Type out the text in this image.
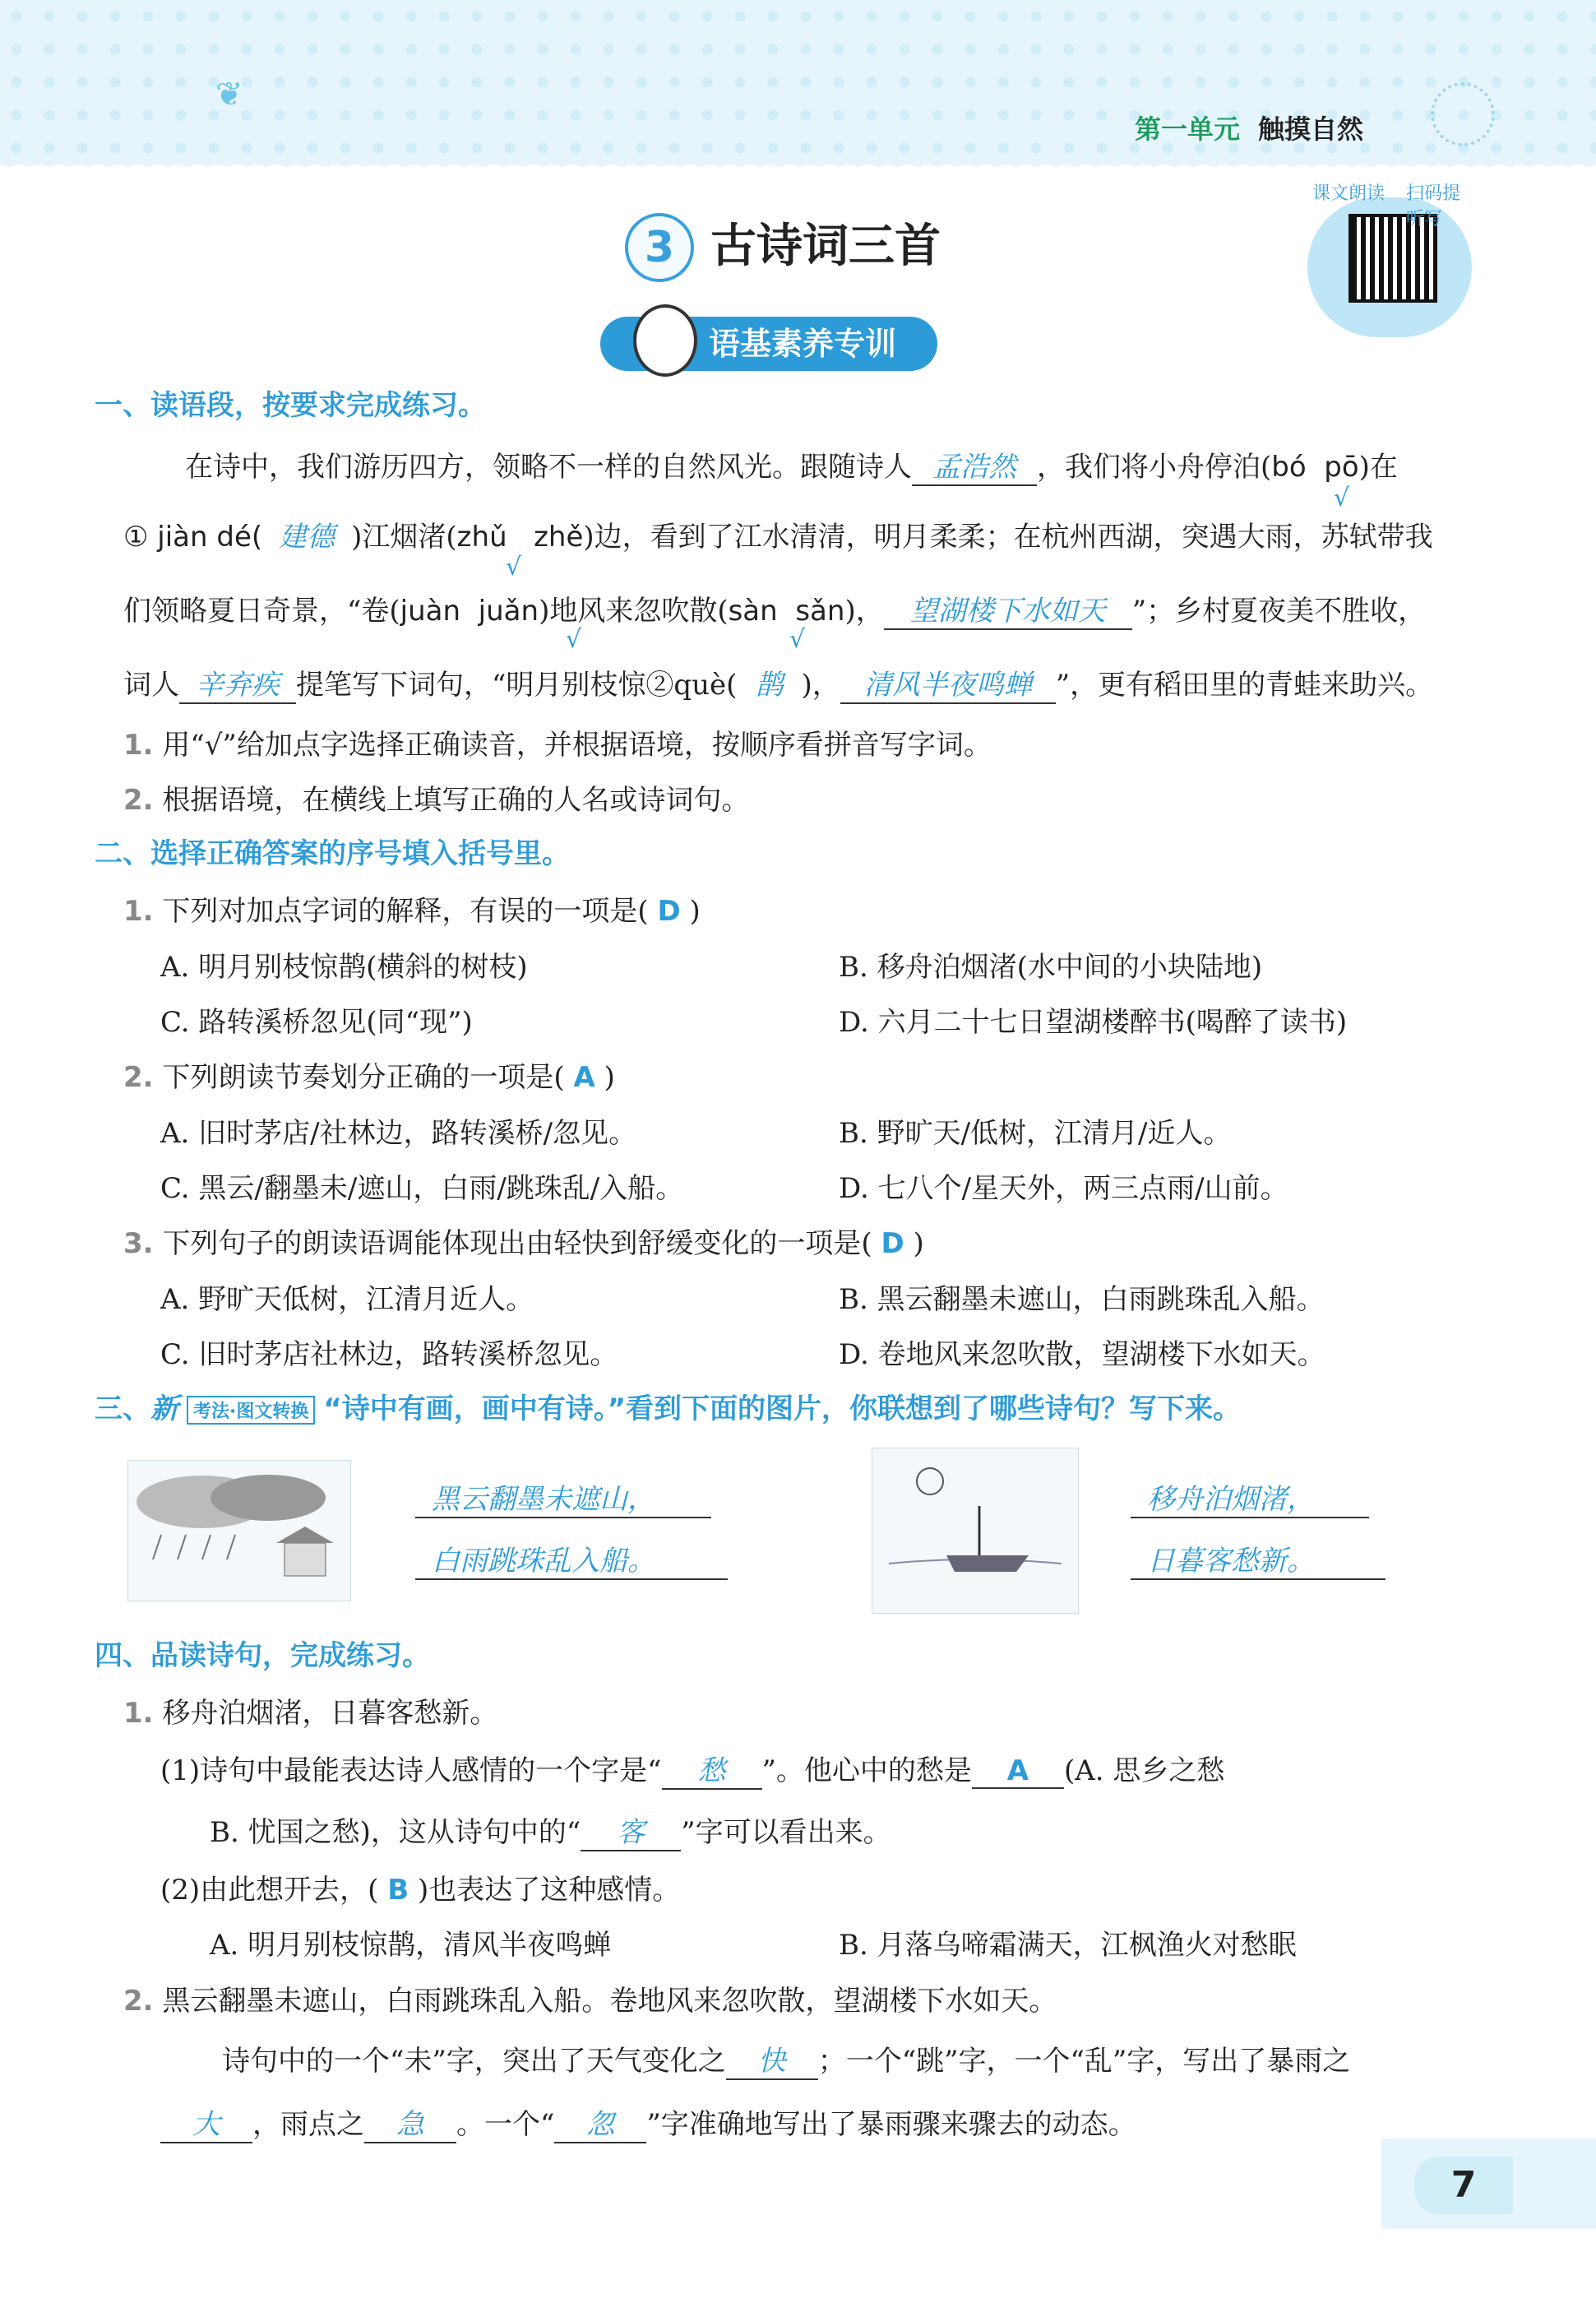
❦
第一单元 触摸自然
3 古诗词三首
课文朗读 扫码提听写
语基素养专训
一、读语段，按要求完成练习。
在诗中，我们游历四方，领略不一样的自然风光。跟随诗人 孟浩然 ，我们将小舟停泊(bó pō)在
√
① jiàn dé( 建德 )江烟渚(zhǔ zhě)边，看到了江水清清，明月柔柔；在杭州西湖，突遇大雨，苏轼带我
√
们领略夏日奇景，“卷(juàn juǎn)地风来忽吹散(sàn sǎn)， 望湖楼下水如天 ”；乡村夏夜美不胜收，
√	√
词人 辛弃疾 提笔写下词句，“明月别枝惊②què( 鹊 )， 清风半夜鸣蝉 ”，更有稻田里的青蛙来助兴。
1. 用“√”给加点字选择正确读音，并根据语境，按顺序看拼音写字词。
2. 根据语境，在横线上填写正确的人名或诗词句。
二、选择正确答案的序号填入括号里。
1. 下列对加点字词的解释，有误的一项是( D )
A. 明月别枝惊鹊(横斜的树枝)	B. 移舟泊烟渚(水中间的小块陆地)
C. 路转溪桥忽见(同“现”)	D. 六月二十七日望湖楼醉书(喝醉了读书)
2. 下列朗读节奏划分正确的一项是( A )
A. 旧时茅店/社林边，路转溪桥/忽见。	B. 野旷天/低树，江清月/近人。
C. 黑云/翻墨未/遮山，白雨/跳珠乱/入船。	D. 七八个/星天外，两三点雨/山前。
3. 下列句子的朗读语调能体现出由轻快到舒缓变化的一项是( D )
A. 野旷天低树，江清月近人。	B. 黑云翻墨未遮山，白雨跳珠乱入船。
C. 旧时茅店社林边，路转溪桥忽见。	D. 卷地风来忽吹散，望湖楼下水如天。
三、新 考法·图文转换 “诗中有画，画中有诗。”看到下面的图片，你联想到了哪些诗句？写下来。
黑云翻墨未遮山，
白雨跳珠乱入船。
移舟泊烟渚，
日暮客愁新。
四、品读诗句，完成练习。
1. 移舟泊烟渚，日暮客愁新。
(1)诗句中最能表达诗人感情的一个字是“ 愁 ”。他心中的愁是 A (A. 思乡之愁
B. 忧国之愁)，这从诗句中的“ 客 ”字可以看出来。
(2)由此想开去，( B )也表达了这种感情。
A. 明月别枝惊鹊，清风半夜鸣蝉	B. 月落乌啼霜满天，江枫渔火对愁眠
2. 黑云翻墨未遮山，白雨跳珠乱入船。卷地风来忽吹散，望湖楼下水如天。
诗句中的一个“未”字，突出了天气变化之 快 ；一个“跳”字，一个“乱”字，写出了暴雨之
大 ，雨点之 急 。一个“ 忽 ”字准确地写出了暴雨骤来骤去的动态。
7
